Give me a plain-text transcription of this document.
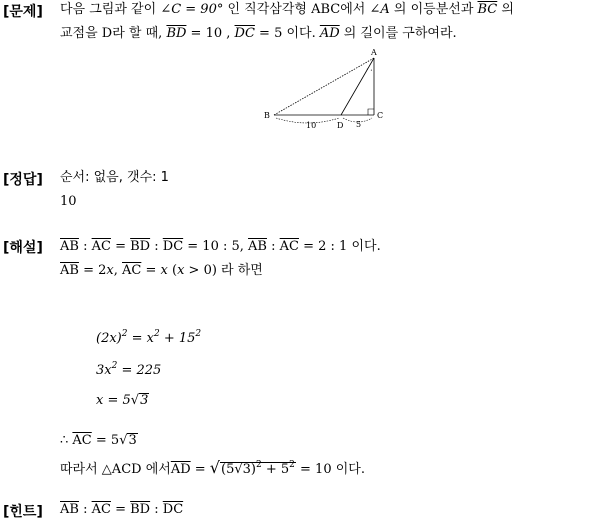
[문제] 다음 그림과 같이 ∠C = 90° 인 직각삼각형 ABC에서 ∠A 의 이등분선과 $\overline{BC}$ 의
교점을 D라 할 때, $\overline{BD} = 10$ , $\overline{DC} = 5$ 이다. $\overline{AD}$ 의 길이를 구하여라.
⋅ ⋅
A
B	C
D
10	5
[정답] 순서: 없음, 갯수: 1
10
[해설] $\overline{AB}$ : $\overline{AC} = \overline{BD}$ : $\overline{DC} = 10$ : 5, $\overline{AB}$ : $\overline{AC} = 2$ : 1 이다.
$\overline{AB} = 2x$, $\overline{AC} = x$ (x > 0) 라 하면
$(2x)^2 = x^2 + 15^2$
$3x^2 = 225$
x = 5√3
∴ $\overline{AC} = 5√3$
따라서 △ACD 에서$\overline{AD} = √(5√3)^2 + 5^2 = 10$ 이다.
[힌트] $\overline{AB}$ : $\overline{AC} = \overline{BD}$ : $\overline{DC}$
